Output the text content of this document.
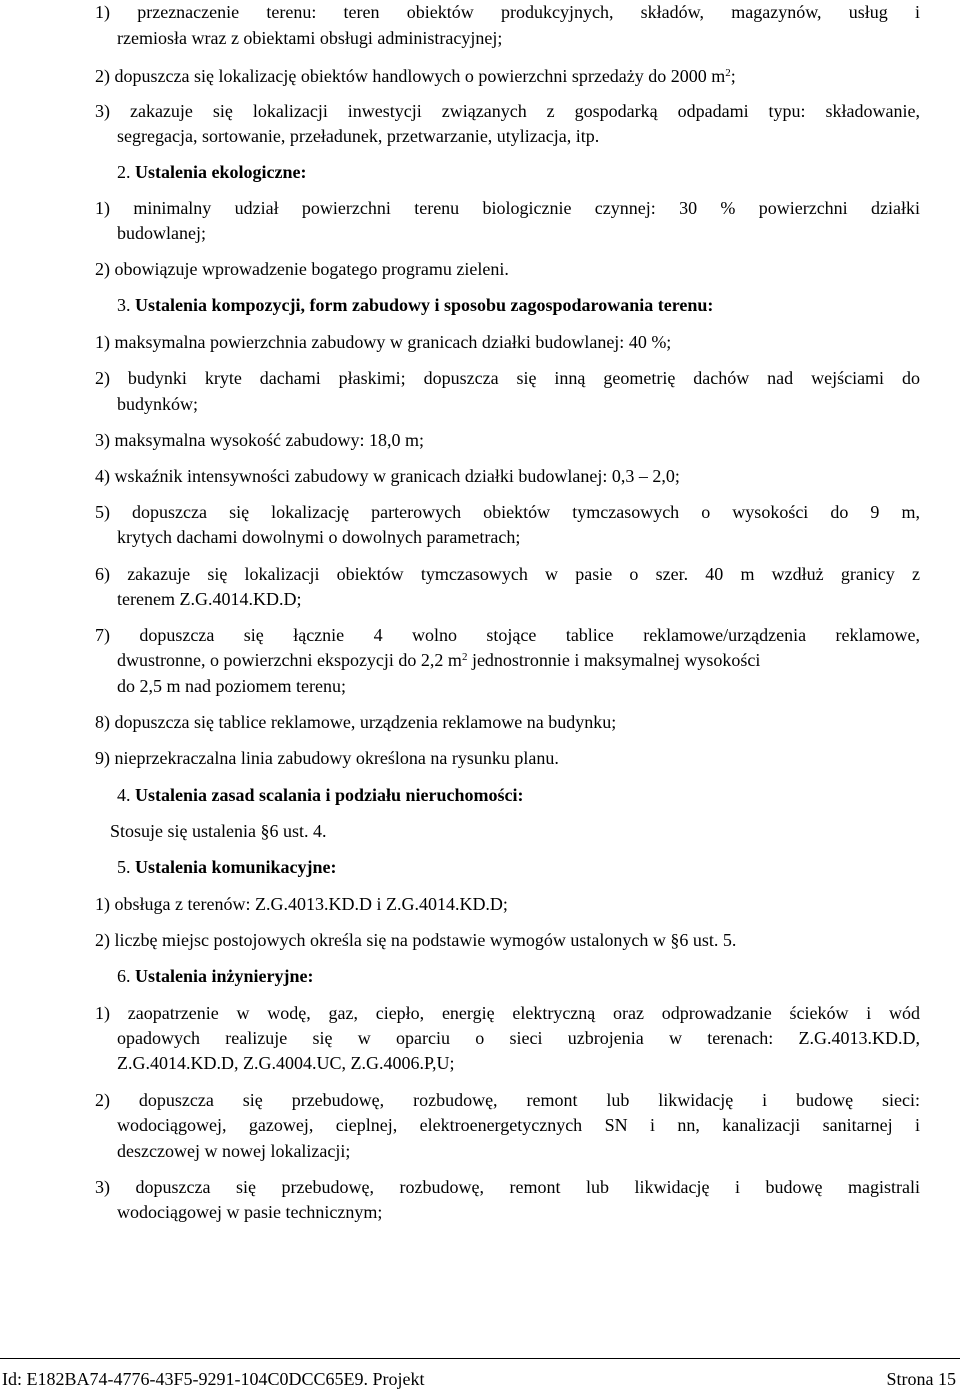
1) przeznaczenie terenu: teren obiektów produkcyjnych, składów, magazynów, usług i
rzemiosła wraz z obiektami obsługi administracyjnej;
2) dopuszcza się lokalizację obiektów handlowych o powierzchni sprzedaży do 2000 $m^2$;
3) zakazuje się lokalizacji inwestycji związanych z gospodarką odpadami typu: składowanie,
segregacja, sortowanie, przeładunek, przetwarzanie, utylizacja, itp.
2. Ustalenia ekologiczne:
1) minimalny udział powierzchni terenu biologicznie czynnej: 30 % powierzchni działki
budowlanej;
2) obowiązuje wprowadzenie bogatego programu zieleni.
3. Ustalenia kompozycji, form zabudowy i sposobu zagospodarowania terenu:
1) maksymalna powierzchnia zabudowy w granicach działki budowlanej: 40 %;
2) budynki kryte dachami płaskimi; dopuszcza się inną geometrię dachów nad wejściami do
budynków;
3) maksymalna wysokość zabudowy: 18,0 m;
4) wskaźnik intensywności zabudowy w granicach działki budowlanej: 0,3 – 2,0;
5) dopuszcza się lokalizację parterowych obiektów tymczasowych o wysokości do 9 m,
krytych dachami dowolnymi o dowolnych parametrach;
6) zakazuje się lokalizacji obiektów tymczasowych w pasie o szer. 40 m wzdłuż granicy z
terenem Z.G.4014.KD.D;
7) dopuszcza się łącznie 4 wolno stojące tablice reklamowe/urządzenia reklamowe,
dwustronne, o powierzchni ekspozycji do 2,2 $m^2$ jednostronnie i maksymalnej wysokości
do 2,5 m nad poziomem terenu;
8) dopuszcza się tablice reklamowe, urządzenia reklamowe na budynku;
9) nieprzekraczalna linia zabudowy określona na rysunku planu.
4. Ustalenia zasad scalania i podziału nieruchomości:
Stosuje się ustalenia §6 ust. 4.
5. Ustalenia komunikacyjne:
1) obsługa z terenów: Z.G.4013.KD.D i Z.G.4014.KD.D;
2) liczbę miejsc postojowych określa się na podstawie wymogów ustalonych w §6 ust. 5.
6. Ustalenia inżynieryjne:
1) zaopatrzenie w wodę, gaz, ciepło, energię elektryczną oraz odprowadzanie ścieków i wód
opadowych realizuje się w oparciu o sieci uzbrojenia w terenach: Z.G.4013.KD.D,
Z.G.4014.KD.D, Z.G.4004.UC, Z.G.4006.P,U;
2) dopuszcza się przebudowę, rozbudowę, remont lub likwidację i budowę sieci:
wodociągowej, gazowej, cieplnej, elektroenergetycznych SN i nn, kanalizacji sanitarnej i
deszczowej w nowej lokalizacji;
3) dopuszcza się przebudowę, rozbudowę, remont lub likwidację i budowę magistrali
wodociągowej w pasie technicznym;
Id: E182BA74-4776-43F5-9291-104C0DCC65E9. Projekt	Strona 15
